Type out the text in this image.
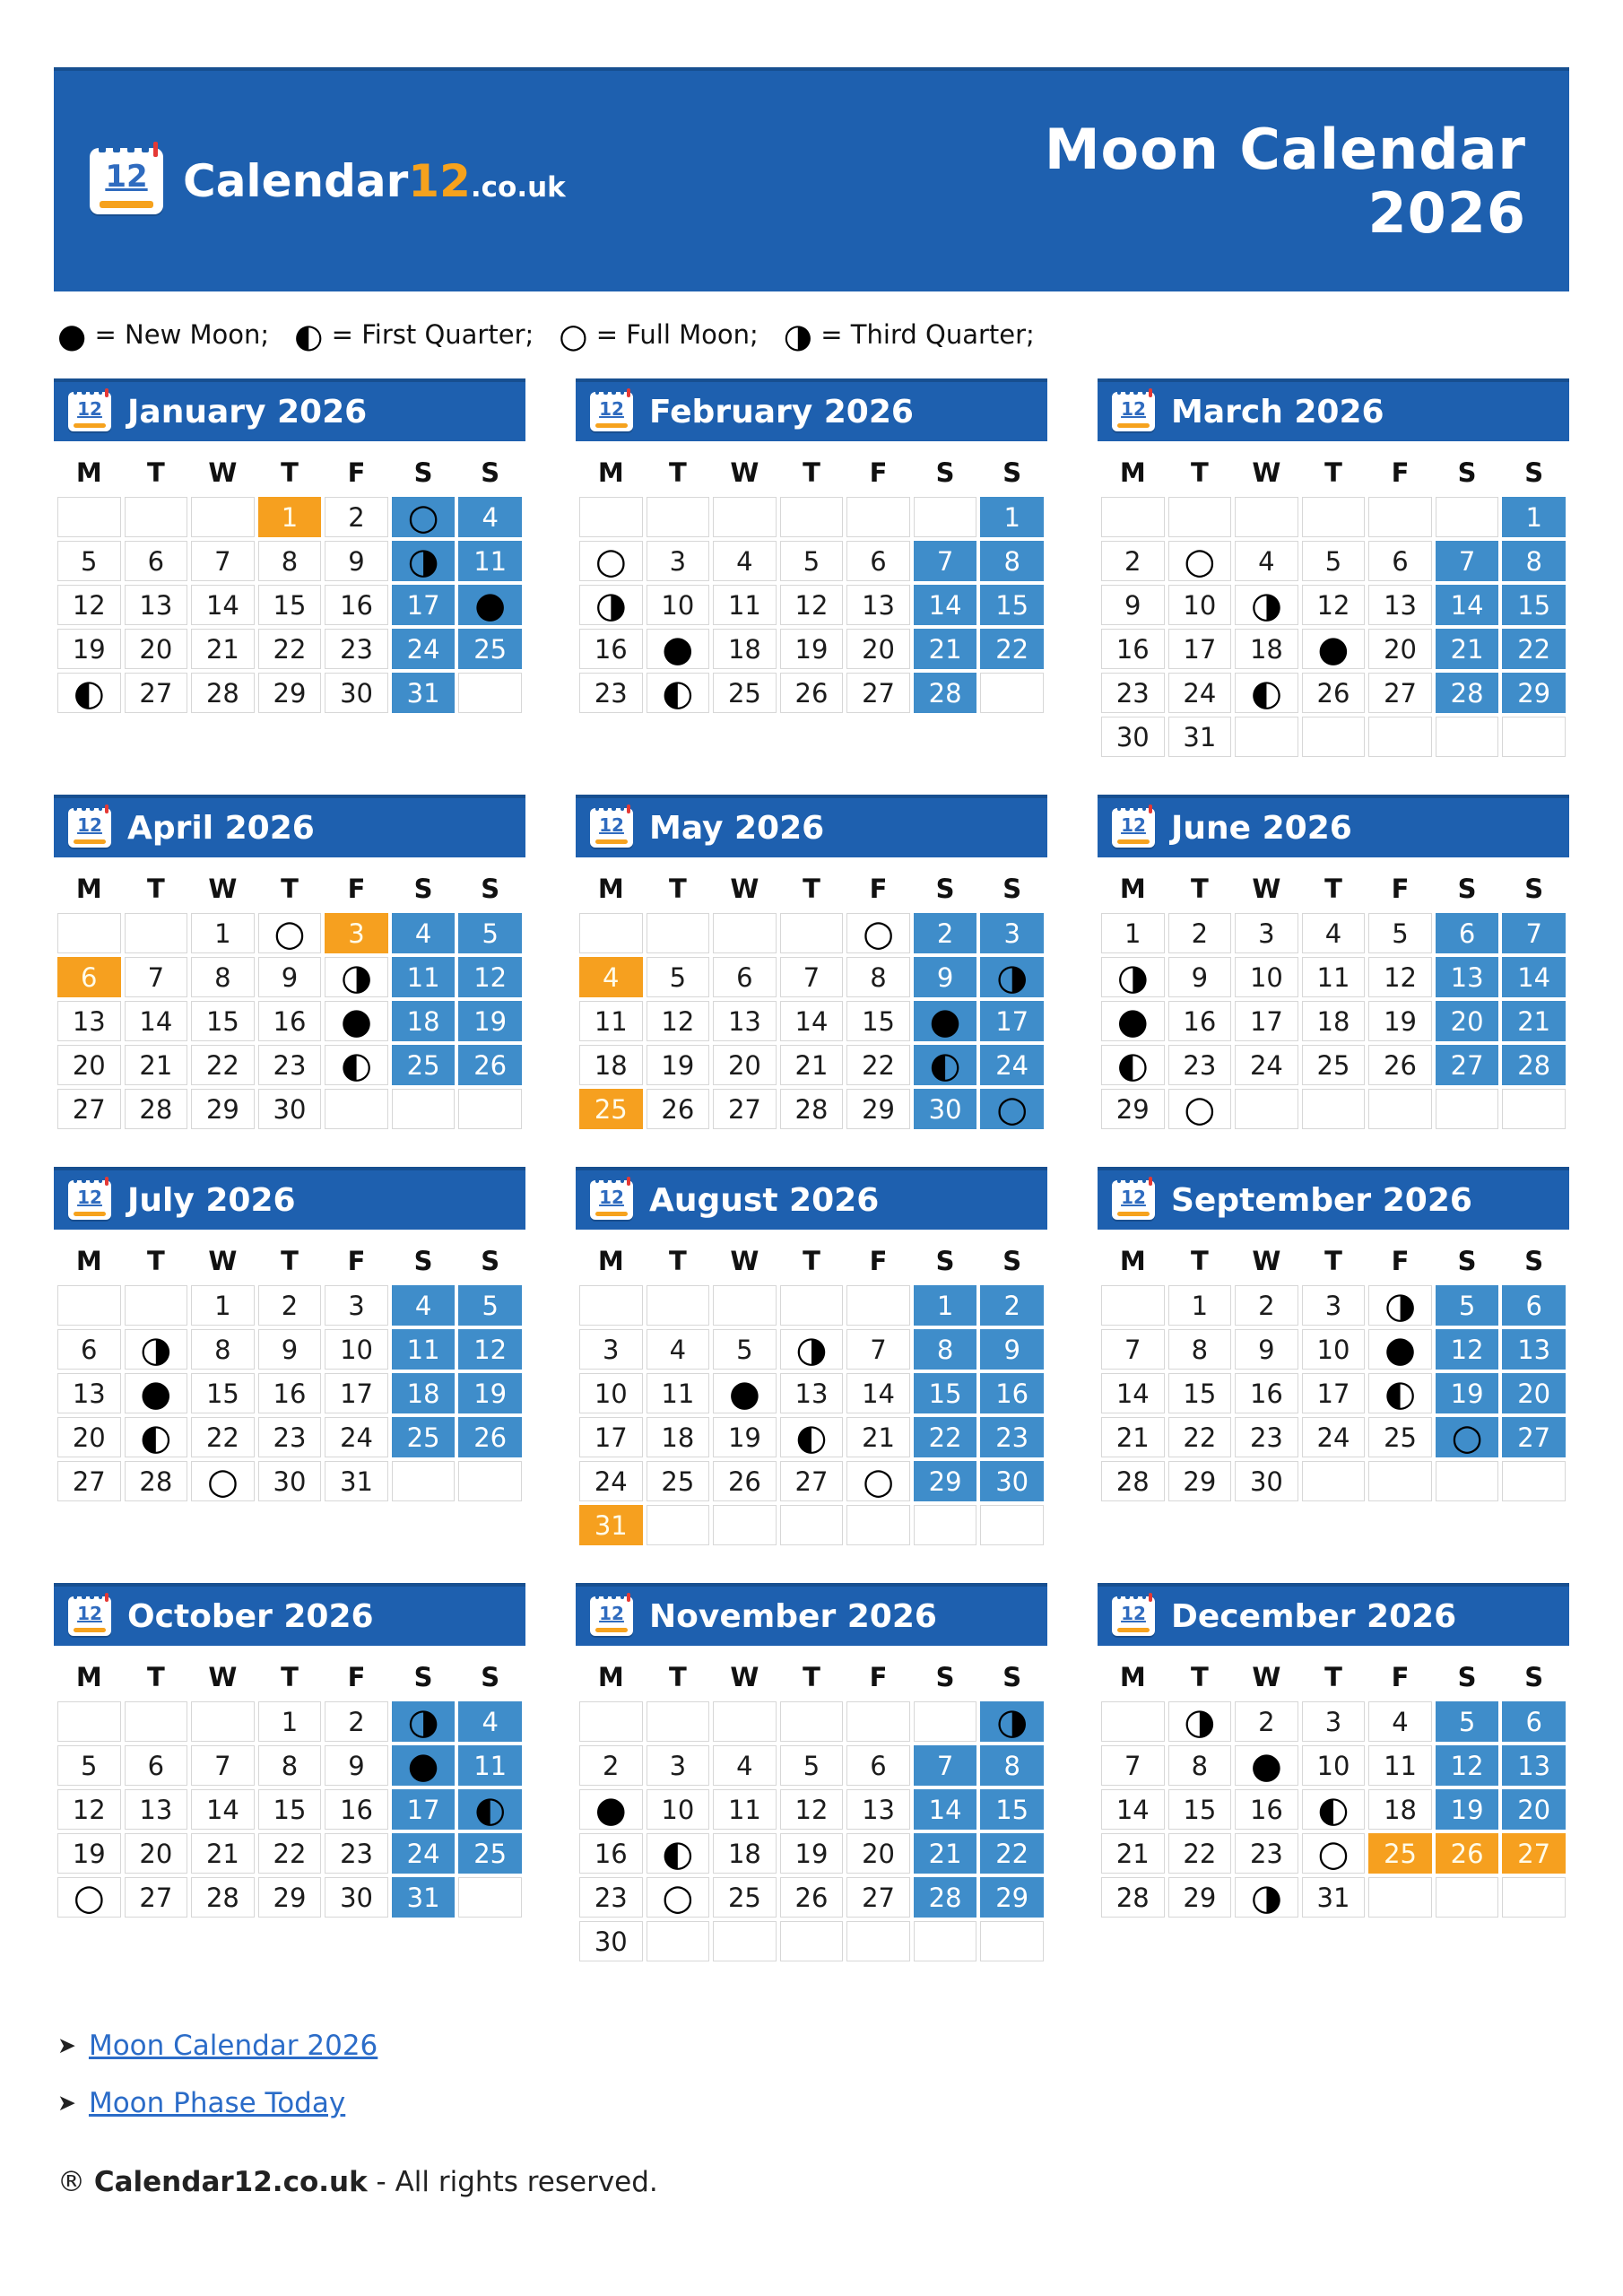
12 Calendar12.co.uk
Moon Calendar
2026
● = New Moon; ◐ = First Quarter; ○ = Full Moon; ◑ = Third Quarter;
12 January 2026
M	T	W	T	F	S	S
			1	2	○	4
5	6	7	8	9	◑	11
12	13	14	15	16	17	●
19	20	21	22	23	24	25
◐	27	28	29	30	31	
12 February 2026
M	T	W	T	F	S	S
						1
○	3	4	5	6	7	8
◑	10	11	12	13	14	15
16	●	18	19	20	21	22
23	◐	25	26	27	28	
12 March 2026
M	T	W	T	F	S	S
						1
2	○	4	5	6	7	8
9	10	◑	12	13	14	15
16	17	18	●	20	21	22
23	24	◐	26	27	28	29
30	31					
12 April 2026
M	T	W	T	F	S	S
		1	○	3	4	5
6	7	8	9	◑	11	12
13	14	15	16	●	18	19
20	21	22	23	◐	25	26
27	28	29	30			
12 May 2026
M	T	W	T	F	S	S
				○	2	3
4	5	6	7	8	9	◑
11	12	13	14	15	●	17
18	19	20	21	22	◐	24
25	26	27	28	29	30	○
12 June 2026
M	T	W	T	F	S	S
1	2	3	4	5	6	7
◑	9	10	11	12	13	14
●	16	17	18	19	20	21
◐	23	24	25	26	27	28
29	○					
12 July 2026
M	T	W	T	F	S	S
		1	2	3	4	5
6	◑	8	9	10	11	12
13	●	15	16	17	18	19
20	◐	22	23	24	25	26
27	28	○	30	31		
12 August 2026
M	T	W	T	F	S	S
					1	2
3	4	5	◑	7	8	9
10	11	●	13	14	15	16
17	18	19	◐	21	22	23
24	25	26	27	○	29	30
31						
12 September 2026
M	T	W	T	F	S	S
	1	2	3	◑	5	6
7	8	9	10	●	12	13
14	15	16	17	◐	19	20
21	22	23	24	25	○	27
28	29	30				
12 October 2026
M	T	W	T	F	S	S
			1	2	◑	4
5	6	7	8	9	●	11
12	13	14	15	16	17	◐
19	20	21	22	23	24	25
○	27	28	29	30	31	
12 November 2026
M	T	W	T	F	S	S
						◑
2	3	4	5	6	7	8
●	10	11	12	13	14	15
16	◐	18	19	20	21	22
23	○	25	26	27	28	29
30						
12 December 2026
M	T	W	T	F	S	S
	◑	2	3	4	5	6
7	8	●	10	11	12	13
14	15	16	◐	18	19	20
21	22	23	○	25	26	27
28	29	◑	31			
➤ Moon Calendar 2026
➤ Moon Phase Today
® Calendar12.co.uk - All rights reserved.
